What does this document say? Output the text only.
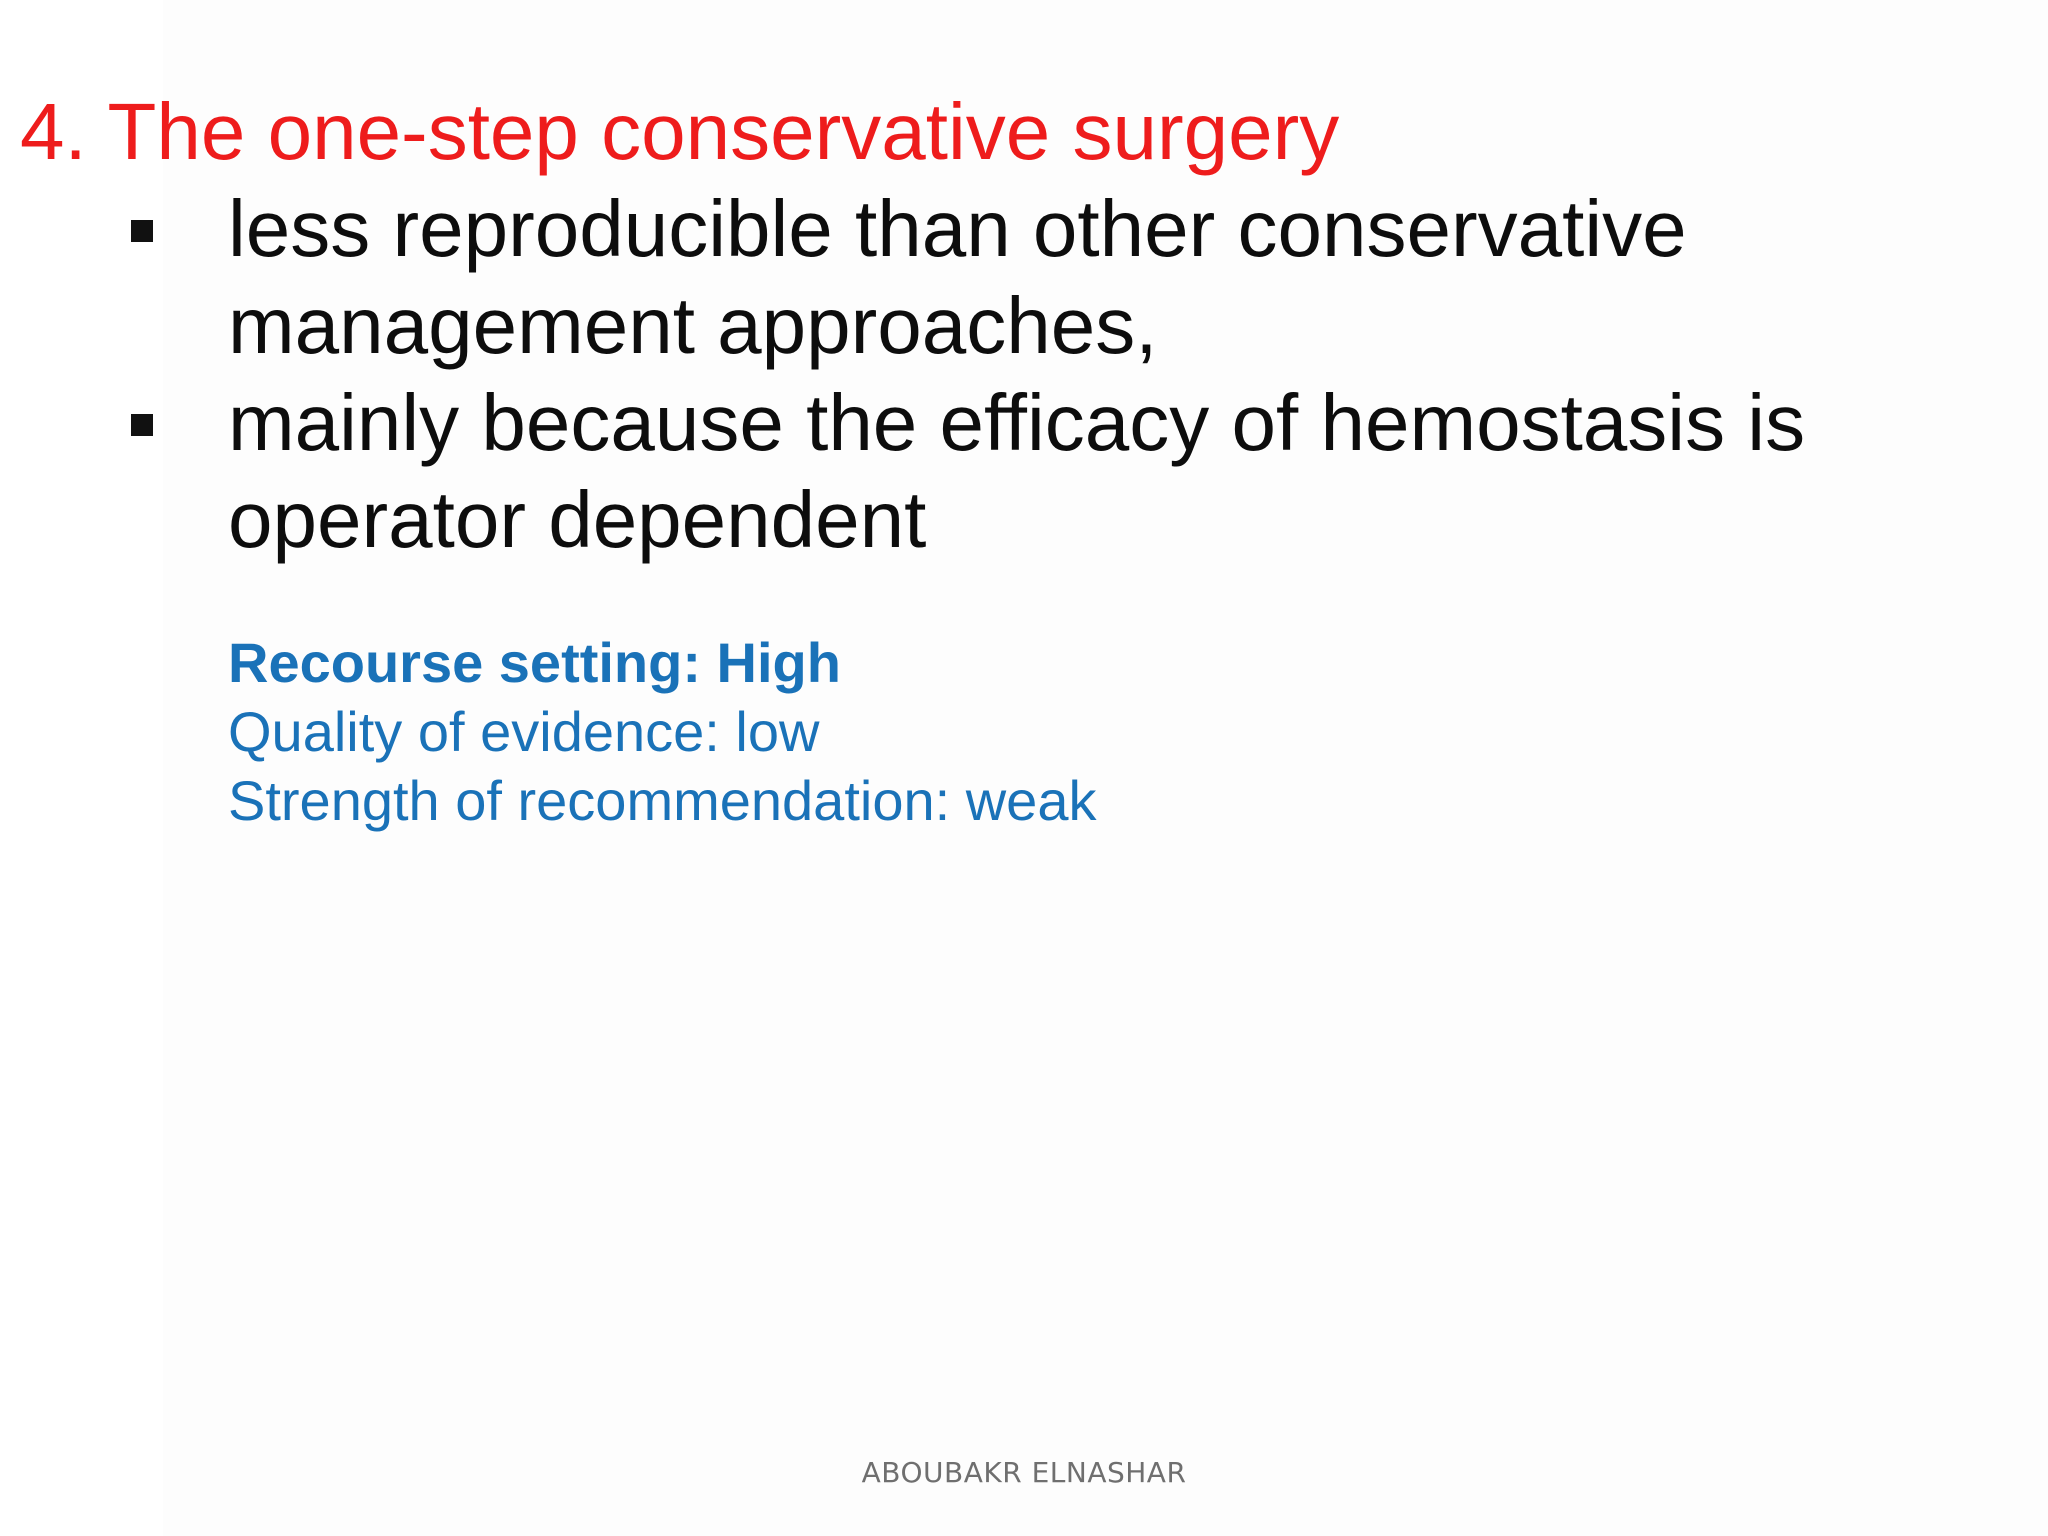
4. The one-step conservative surgery
less reproducible than other conservative management approaches,
mainly because the efficacy of hemostasis is operator dependent
Recourse setting: High
Quality of evidence: low
Strength of recommendation: weak
ABOUBAKR ELNASHAR
